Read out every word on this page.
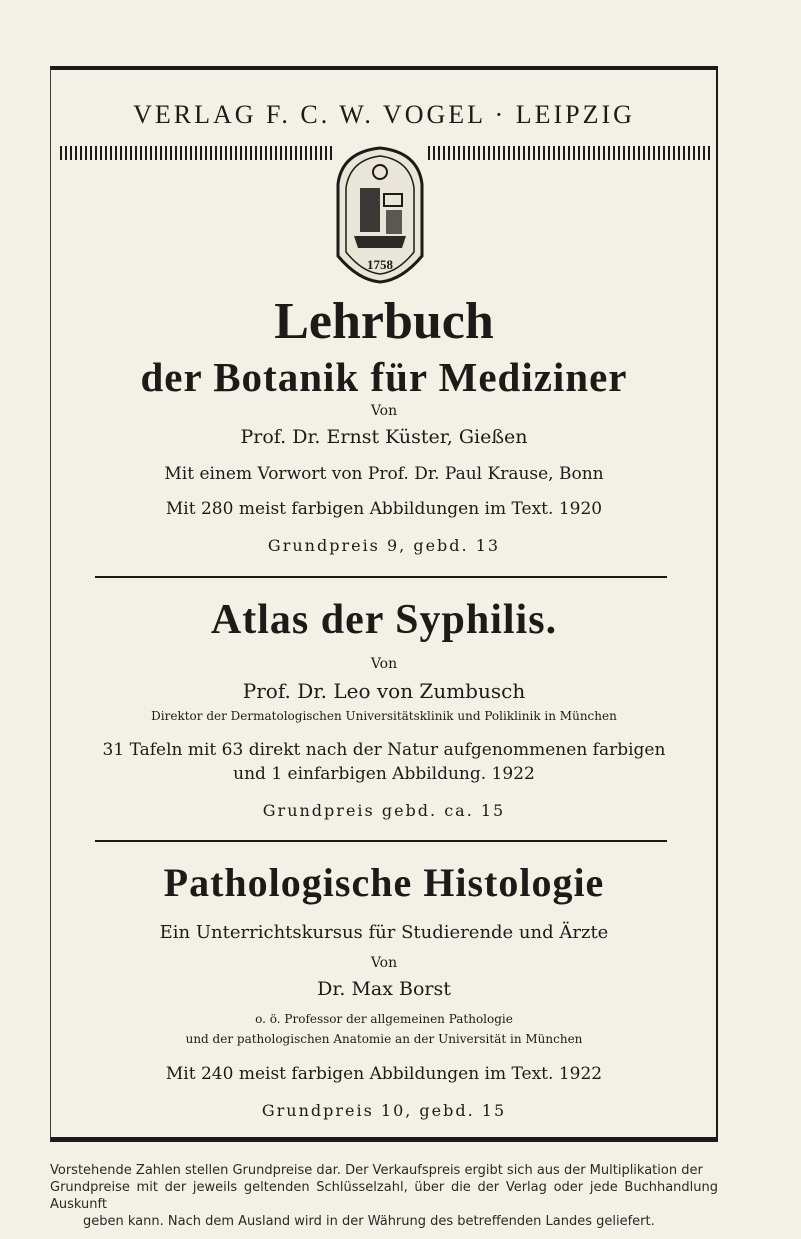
VERLAG F. C. W. VOGEL · LEIPZIG
1758
Lehrbuch
der Botanik für Mediziner
Von
Prof. Dr. Ernst Küster, Gießen
Mit einem Vorwort von Prof. Dr. Paul Krause, Bonn
Mit 280 meist farbigen Abbildungen im Text. 1920
Grundpreis 9, gebd. 13
Atlas der Syphilis.
Von
Prof. Dr. Leo von Zumbusch
Direktor der Dermatologischen Universitätsklinik und Poliklinik in München
31 Tafeln mit 63 direkt nach der Natur aufgenommenen farbigen
und 1 einfarbigen Abbildung. 1922
Grundpreis gebd. ca. 15
Pathologische Histologie
Ein Unterrichtskursus für Studierende und Ärzte
Von
Dr. Max Borst
o. ö. Professor der allgemeinen Pathologie
und der pathologischen Anatomie an der Universität in München
Mit 240 meist farbigen Abbildungen im Text. 1922
Grundpreis 10, gebd. 15
Vorstehende Zahlen stellen Grundpreise dar. Der Verkaufspreis ergibt sich aus der Multiplikation der
Grundpreise mit der jeweils geltenden Schlüsselzahl, über die der Verlag oder jede Buchhandlung Auskunft
geben kann. Nach dem Ausland wird in der Währung des betreffenden Landes geliefert.
